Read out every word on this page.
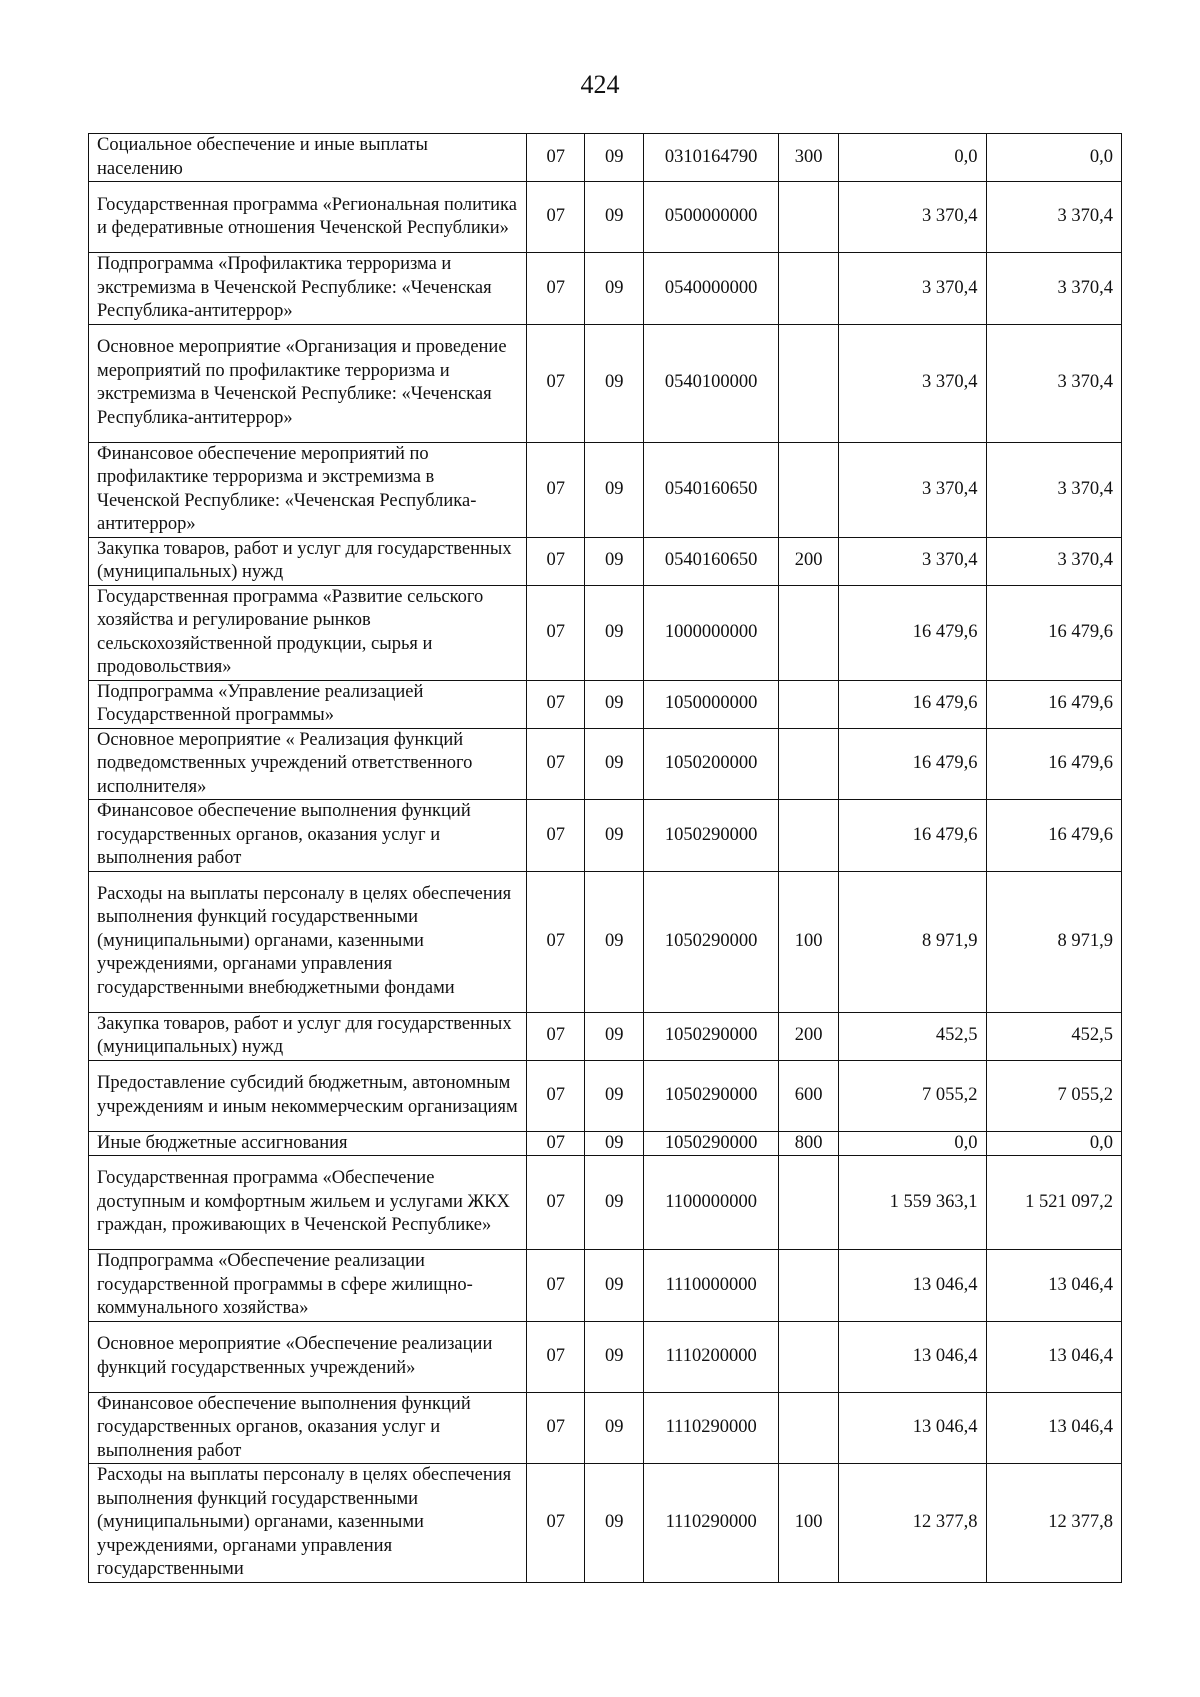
424
Социальное обеспечение и иные выплаты населению	07	09	0310164790	300	0,0	0,0
Государственная программа «Региональная политика и федеративные отношения Чеченской Республики»	07	09	0500000000		3 370,4	3 370,4
Подпрограмма «Профилактика терроризма и экстремизма в Чеченской Республике: «Чеченская Республика-антитеррор»	07	09	0540000000		3 370,4	3 370,4
Основное мероприятие «Организация и проведение мероприятий по профилактике терроризма и экстремизма в Чеченской Республике: «Чеченская Республика-антитеррор»	07	09	0540100000		3 370,4	3 370,4
Финансовое обеспечение мероприятий по профилактике терроризма и экстремизма в Чеченской Республике: «Чеченская Республика-антитеррор»	07	09	0540160650		3 370,4	3 370,4
Закупка товаров, работ и услуг для государственных (муниципальных) нужд	07	09	0540160650	200	3 370,4	3 370,4
Государственная программа «Развитие сельского хозяйства и регулирование рынков сельскохозяйственной продукции, сырья и продовольствия»	07	09	1000000000		16 479,6	16 479,6
Подпрограмма «Управление реализацией Государственной программы»	07	09	1050000000		16 479,6	16 479,6
Основное мероприятие « Реализация функций подведомственных учреждений ответственного исполнителя»	07	09	1050200000		16 479,6	16 479,6
Финансовое обеспечение выполнения функций государственных органов, оказания услуг и выполнения работ	07	09	1050290000		16 479,6	16 479,6
Расходы на выплаты персоналу в целях обеспечения выполнения функций государственными (муниципальными) органами, казенными учреждениями, органами управления государственными внебюджетными фондами	07	09	1050290000	100	8 971,9	8 971,9
Закупка товаров, работ и услуг для государственных (муниципальных) нужд	07	09	1050290000	200	452,5	452,5
Предоставление субсидий бюджетным, автономным учреждениям и иным некоммерческим организациям	07	09	1050290000	600	7 055,2	7 055,2
Иные бюджетные ассигнования	07	09	1050290000	800	0,0	0,0
Государственная программа «Обеспечение доступным и комфортным жильем и услугами ЖКХ граждан, проживающих в Чеченской Республике»	07	09	1100000000		1 559 363,1	1 521 097,2
Подпрограмма «Обеспечение реализации государственной программы в сфере жилищно-коммунального хозяйства»	07	09	1110000000		13 046,4	13 046,4
Основное мероприятие «Обеспечение реализации функций государственных учреждений»	07	09	1110200000		13 046,4	13 046,4
Финансовое обеспечение выполнения функций государственных органов, оказания услуг и выполнения работ	07	09	1110290000		13 046,4	13 046,4
Расходы на выплаты персоналу в целях обеспечения выполнения функций государственными (муниципальными) органами, казенными учреждениями, органами управления государственными	07	09	1110290000	100	12 377,8	12 377,8
